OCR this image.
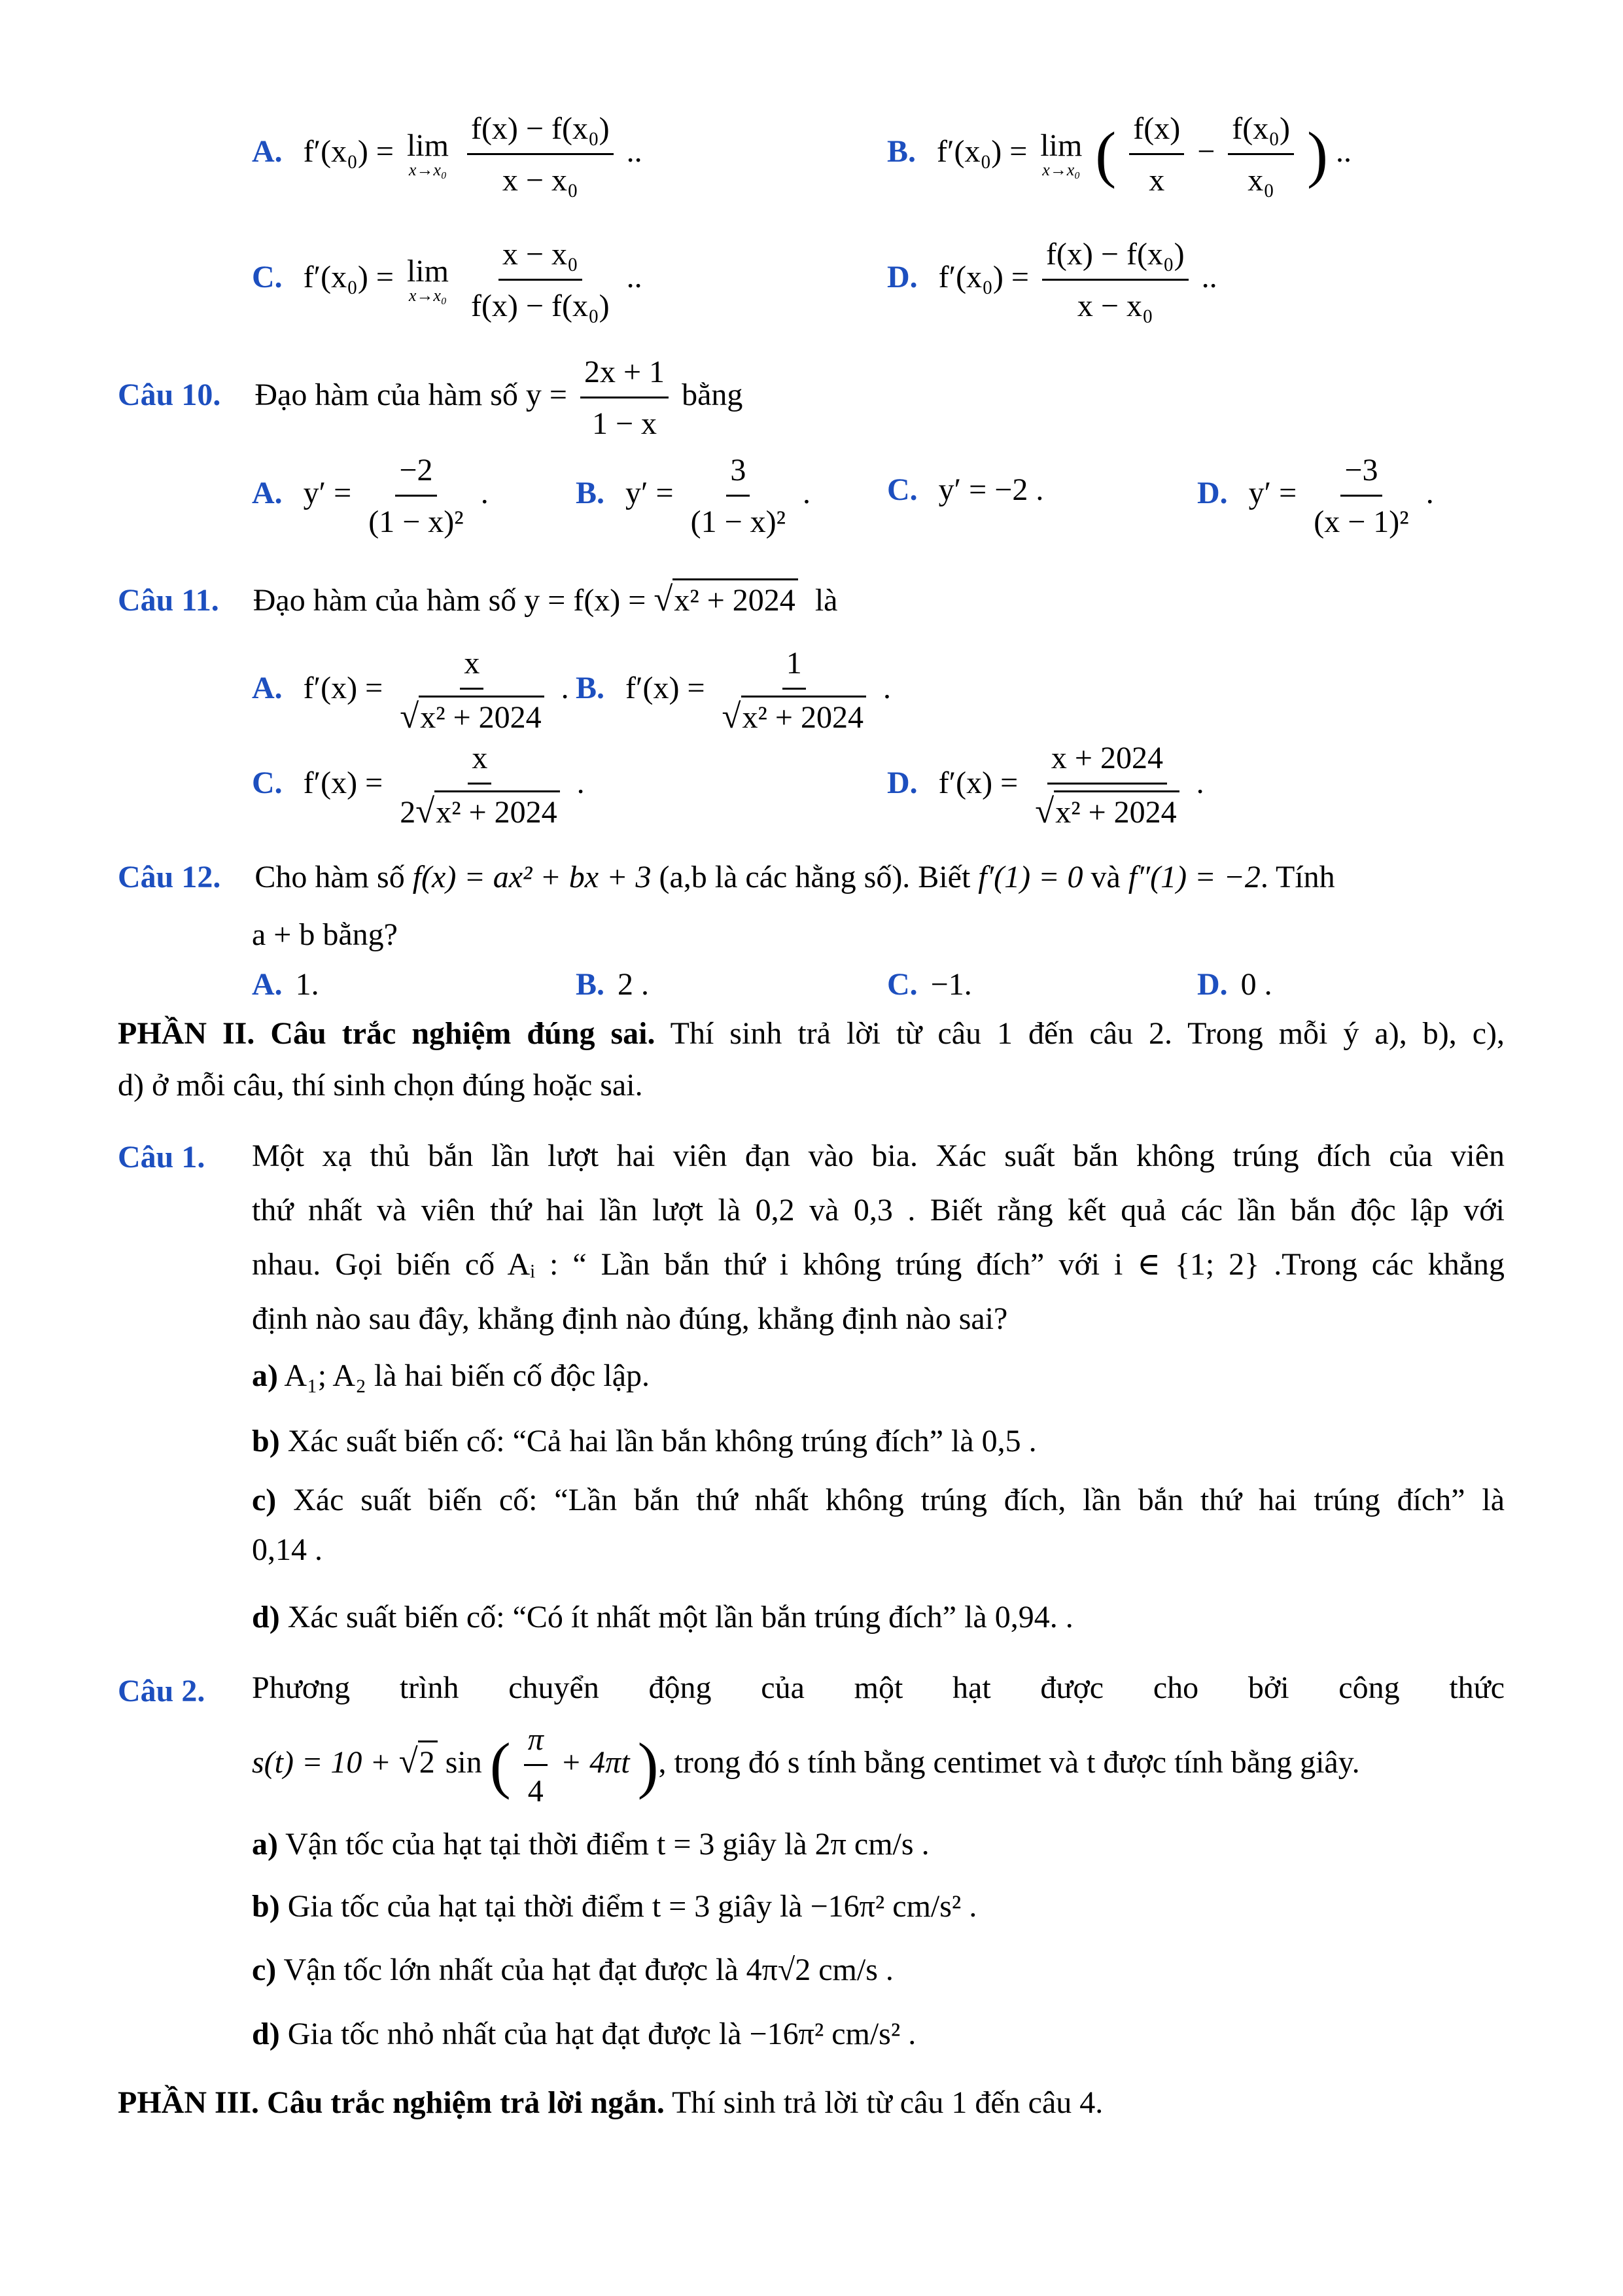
A. f′(x₀) = lim
x→x₀
$\frac{\text{f(x) − f(x₀)}}{\text{x − x₀}}$ ..	B. f′(x₀) = lim
x→x₀ ( $\frac{f(x)}{x} - \frac{\text{f(x₀)}}{\text{x₀}}$ ) ..
C. f′(x₀) = lim
x→x₀
$\frac{\text{x − x₀}}{\text{f(x) − f(x₀)}}$ ..	D. $f'(x_0) = \frac{\text{f(x) − f(x₀)}}{\text{x − x₀}}$ ..
Câu 10. Đạo hàm của hàm số $y = \frac{2x + 1}{1 - x}$ bằng
A. $y' = \frac{-2}{\text{(1 − x)²}}$ .	B. $y' = \frac{3}{\text{(1 − x)²}}$ . C. y′ = −2 .	D. $y' = \frac{-3}{\text{(x − 1)²}}$ .
Câu 11. Đạo hàm của hàm số y = f(x) = √x² + 2024 là
A. $f'(x) = \frac{x}{\text{√x² + 2024}}$ . B. $f'(x) = \frac{1}{\text{√x² + 2024}}$ .
C. $f'(x) = \frac{x}{\text{2√x² + 2024}}$ .	D. $f'(x) = \frac{x + 2024}{\text{√x² + 2024}}$ .
Câu 12. Cho hàm số f(x) = ax² + bx + 3 (a,b là các hằng số). Biết f′(1) = 0 và f″(1) = −2. Tính
a + b bằng?
A. 1.	B. 2 .	C. −1.	D. 0 .
PHẦN II. Câu trắc nghiệm đúng sai. Thí sinh trả lời từ câu 1 đến câu 2. Trong mỗi ý a), b), c),
d) ở mỗi câu, thí sinh chọn đúng hoặc sai.
Câu 1. Một xạ thủ bắn lần lượt hai viên đạn vào bia. Xác suất bắn không trúng đích của viên
thứ nhất và viên thứ hai lần lượt là 0,2 và 0,3 . Biết rằng kết quả các lần bắn độc lập với
nhau. Gọi biến cố Aᵢ : “ Lần bắn thứ i không trúng đích” với i ∈ {1; 2} .Trong các khẳng
định nào sau đây, khẳng định nào đúng, khẳng định nào sai?
a) A₁; A₂ là hai biến cố độc lập.
b) Xác suất biến cố: “Cả hai lần bắn không trúng đích” là 0,5 .
c) Xác suất biến cố: “Lần bắn thứ nhất không trúng đích, lần bắn thứ hai trúng đích” là
0,14 .
d) Xác suất biến cố: “Có ít nhất một lần bắn trúng đích” là 0,94. .
Câu 2. Phương trình chuyển động của một hạt được cho bởi công thức
s(t) = 10 + √2 sin ( $\frac{\pi}{4} + 4\pi t$ ), trong đó s tính bằng centimet và t được tính bằng giây.
a) Vận tốc của hạt tại thời điểm t = 3 giây là 2π cm/s .
b) Gia tốc của hạt tại thời điểm t = 3 giây là −16π² cm/s² .
c) Vận tốc lớn nhất của hạt đạt được là 4π√2 cm/s .
d) Gia tốc nhỏ nhất của hạt đạt được là −16π² cm/s² .
PHẦN III. Câu trắc nghiệm trả lời ngắn. Thí sinh trả lời từ câu 1 đến câu 4.
